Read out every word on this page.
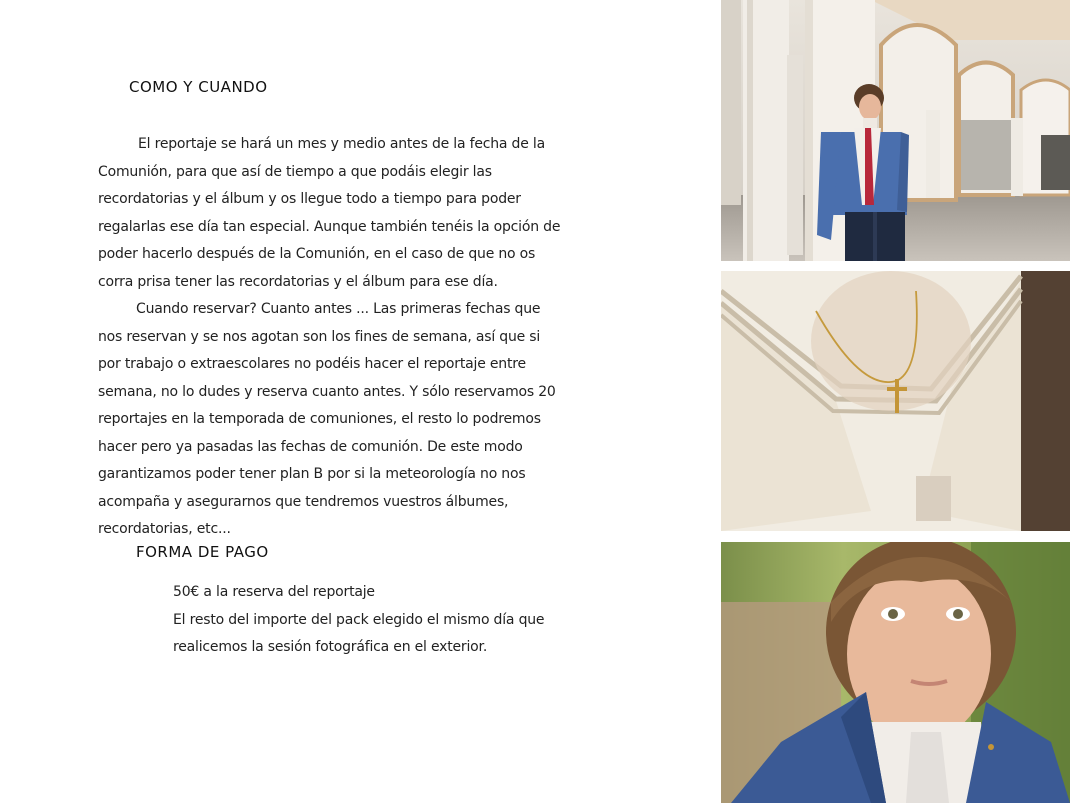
COMO Y CUANDO
El reportaje se hará un mes y medio antes de la fecha de la Comunión, para que así de tiempo a que podáis elegir las recordatorias y el álbum y os llegue todo a tiempo para poder regalarlas ese día tan especial. Aunque también tenéis la opción de poder hacerlo después de la Comunión, en el caso de que no os corra prisa tener las recordatorias y el álbum para ese día.
Cuando reservar? Cuanto antes ... Las primeras fechas que nos reservan y se nos agotan son los fines de semana, así que si por trabajo o extraescolares no podéis hacer el reportaje entre semana, no lo dudes y reserva cuanto antes. Y sólo reservamos 20 reportajes en la temporada de comuniones, el resto lo podremos hacer pero ya pasadas las fechas de comunión. De este modo garantizamos poder tener plan B por si la meteorología no nos acompaña y asegurarnos que tendremos vuestros álbumes, recordatorias, etc...
FORMA DE PAGO
50€ a la reserva del reportaje
El resto del importe del pack elegido el mismo día que realicemos la sesión fotográfica en el exterior.
